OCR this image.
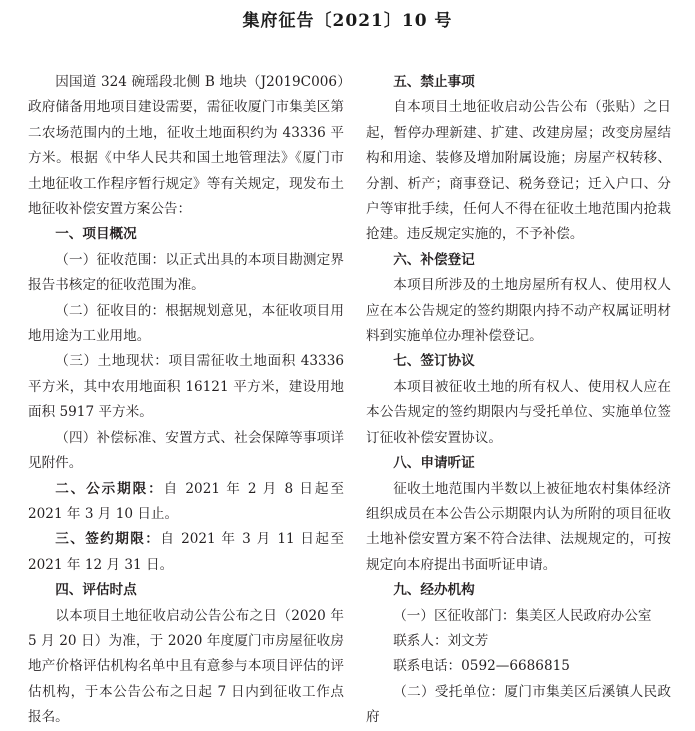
集府征告〔2021〕10 号

因国道 324 碗瑶段北侧 B 地块（J2019C006）政府储备用地项目建设需要，需征收厦门市集美区第二农场范围内的土地，征收土地面积约为 43336 平方米。根据《中华人民共和国土地管理法》《厦门市土地征收工作程序暂行规定》等有关规定，现发布土地征收补偿安置方案公告：

一、项目概况

（一）征收范围：以正式出具的本项目勘测定界报告书核定的征收范围为准。

（二）征收目的：根据规划意见，本征收项目用地用途为工业用地。

（三）土地现状：项目需征收土地面积 43336 平方米，其中农用地面积 16121 平方米，建设用地面积 5917 平方米。

（四）补偿标准、安置方式、社会保障等事项详见附件。

二、公示期限：自 2021 年 2 月 8 日起至 2021 年 3 月 10 日止。

三、签约期限：自 2021 年 3 月 11 日起至 2021 年 12 月 31 日。

四、评估时点

以本项目土地征收启动公告公布之日（2020 年 5 月 20 日）为准，于 2020 年度厦门市房屋征收房地产价格评估机构名单中且有意参与本项目评估的评估机构，于本公告公布之日起 7 日内到征收工作点报名。

五、禁止事项

自本项目土地征收启动公告公布（张贴）之日起，暂停办理新建、扩建、改建房屋；改变房屋结构和用途、装修及增加附属设施；房屋产权转移、分割、析产；商事登记、税务登记；迁入户口、分户等审批手续，任何人不得在征收土地范围内抢栽抢建。违反规定实施的，不予补偿。

六、补偿登记

本项目所涉及的土地房屋所有权人、使用权人应在本公告规定的签约期限内持不动产权属证明材料到实施单位办理补偿登记。

七、签订协议

本项目被征收土地的所有权人、使用权人应在本公告规定的签约期限内与受托单位、实施单位签订征收补偿安置协议。

八、申请听证

征收土地范围内半数以上被征地农村集体经济组织成员在本公告公示期限内认为所附的项目征收土地补偿安置方案不符合法律、法规规定的，可按规定向本府提出书面听证申请。

九、经办机构

（一）区征收部门：集美区人民政府办公室

联系人：刘文芳

联系电话：0592—6686815

（二）受托单位：厦门市集美区后溪镇人民政府
